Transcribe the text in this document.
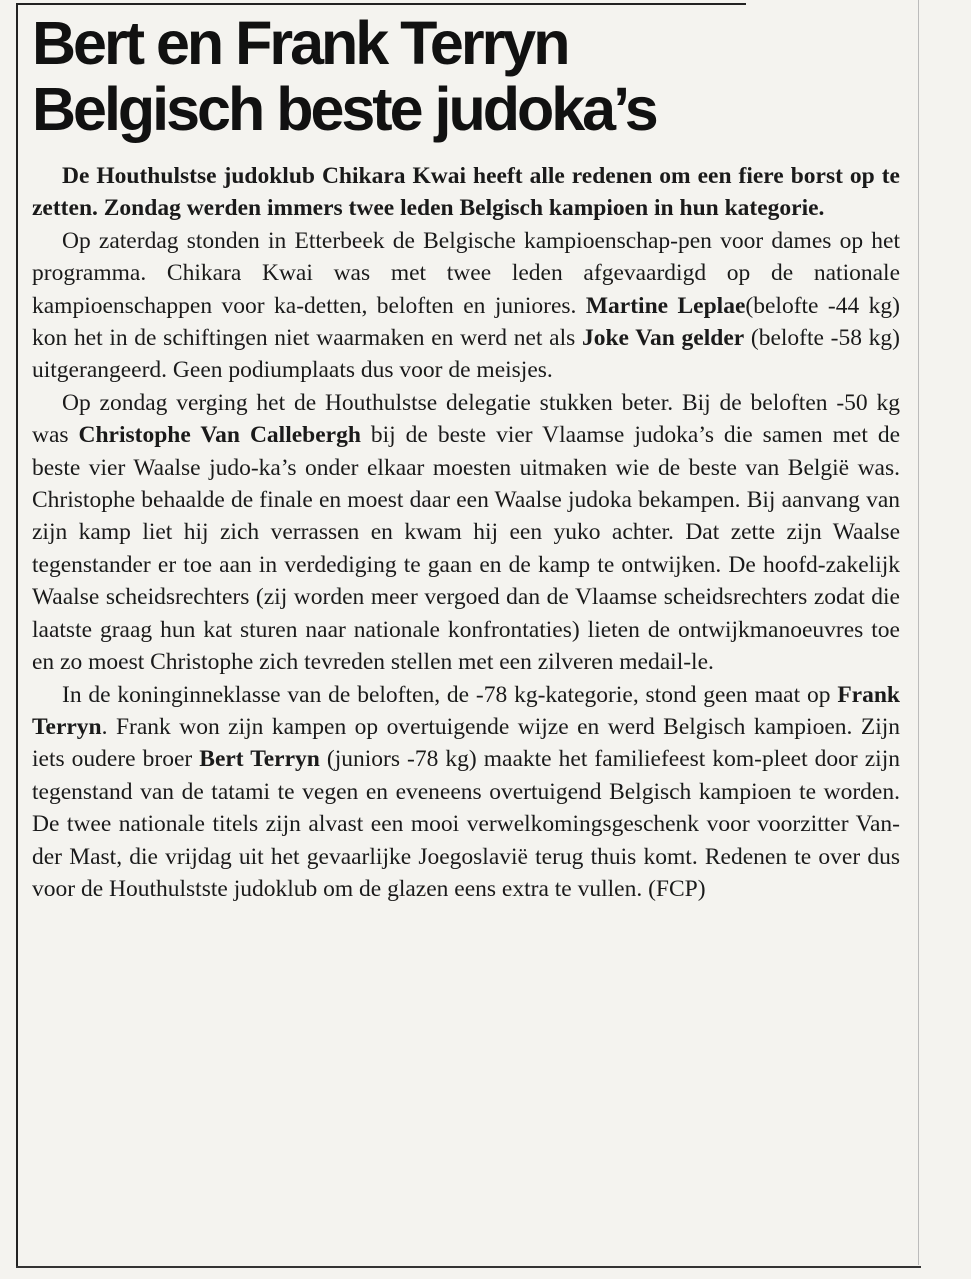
Bert en Frank Terryn
Belgisch beste judoka’s

De Houthulstse judoklub Chikara Kwai heeft alle redenen om een fiere borst op te zetten. Zondag werden immers twee leden Belgisch kampioen in hun kategorie.

Op zaterdag stonden in Etterbeek de Belgische kampioenschap-pen voor dames op het programma. Chikara Kwai was met twee leden afgevaardigd op de nationale kampioenschappen voor ka-detten, beloften en juniores. Martine Leplae(belofte -44 kg) kon het in de schiftingen niet waarmaken en werd net als Joke Van gelder (belofte -58 kg) uitgerangeerd. Geen podiumplaats dus voor de meisjes.

Op zondag verging het de Houthulstse delegatie stukken beter. Bij de beloften -50 kg was Christophe Van Callebergh bij de beste vier Vlaamse judoka’s die samen met de beste vier Waalse judo-ka’s onder elkaar moesten uitmaken wie de beste van België was. Christophe behaalde de finale en moest daar een Waalse judoka bekampen. Bij aanvang van zijn kamp liet hij zich verrassen en kwam hij een yuko achter. Dat zette zijn Waalse tegenstander er toe aan in verdediging te gaan en de kamp te ontwijken. De hoofd-zakelijk Waalse scheidsrechters (zij worden meer vergoed dan de Vlaamse scheidsrechters zodat die laatste graag hun kat sturen naar nationale konfrontaties) lieten de ontwijkmanoeuvres toe en zo moest Christophe zich tevreden stellen met een zilveren medail-le.

In de koninginneklasse van de beloften, de -78 kg-kategorie, stond geen maat op Frank Terryn. Frank won zijn kampen op overtuigende wijze en werd Belgisch kampioen. Zijn iets oudere broer Bert Terryn (juniors -78 kg) maakte het familiefeest kom-pleet door zijn tegenstand van de tatami te vegen en eveneens overtuigend Belgisch kampioen te worden. De twee nationale titels zijn alvast een mooi verwelkomingsgeschenk voor voorzitter Van-der Mast, die vrijdag uit het gevaarlijke Joegoslavië terug thuis komt. Redenen te over dus voor de Houthulstste judoklub om de glazen eens extra te vullen. (FCP)
